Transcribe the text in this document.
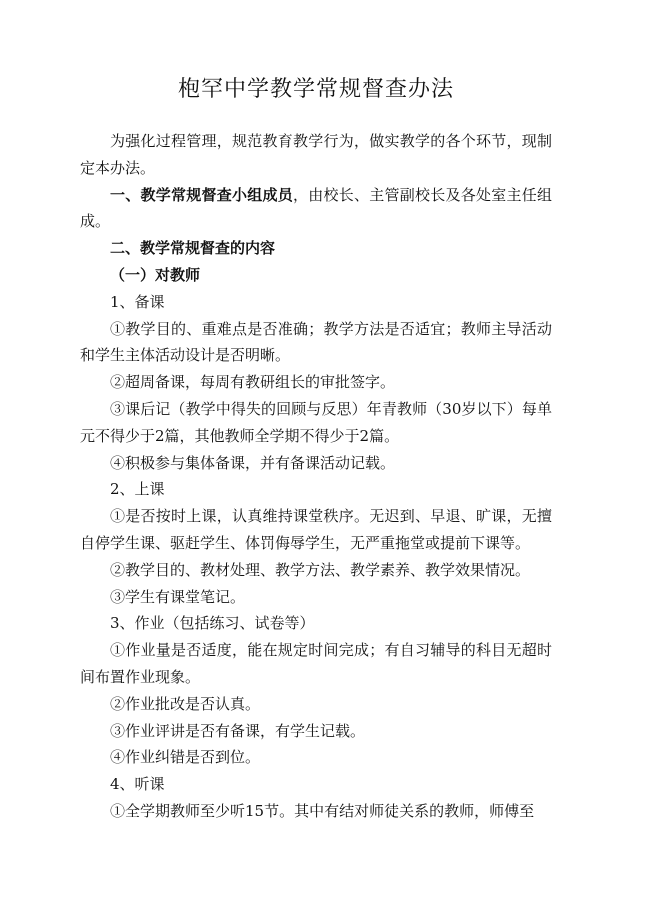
枹罕中学教学常规督查办法

为强化过程管理，规范教育教学行为，做实教学的各个环节，现制定本办法。

一、教学常规督查小组成员，由校长、主管副校长及各处室主任组成。

二、教学常规督查的内容

（一）对教师

1、备课

①教学目的、重难点是否准确；教学方法是否适宜；教师主导活动和学生主体活动设计是否明晰。

②超周备课，每周有教研组长的审批签字。

③课后记（教学中得失的回顾与反思）年青教师（30岁以下）每单元不得少于2篇，其他教师全学期不得少于2篇。

④积极参与集体备课，并有备课活动记载。

2、上课

①是否按时上课，认真维持课堂秩序。无迟到、早退、旷课，无擅自停学生课、驱赶学生、体罚侮辱学生，无严重拖堂或提前下课等。

②教学目的、教材处理、教学方法、教学素养、教学效果情况。

③学生有课堂笔记。

3、作业（包括练习、试卷等）

①作业量是否适度，能在规定时间完成；有自习辅导的科目无超时间布置作业现象。

②作业批改是否认真。

③作业评讲是否有备课，有学生记载。

④作业纠错是否到位。

4、听课

①全学期教师至少听15节。其中有结对师徒关系的教师，师傅至
